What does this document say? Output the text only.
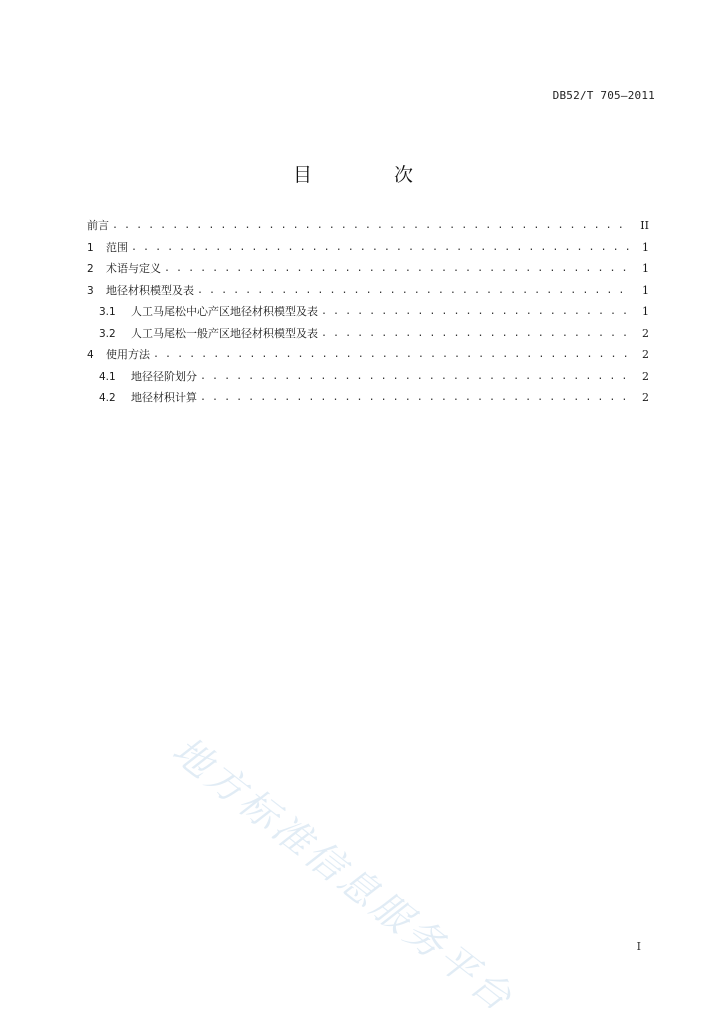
DB52/T 705—2011
目 次
前言 . . .	II
1	范围 . . .	1
2	术语与定义 . . .	1
3	地径材积模型及表 . . .	1
3.1	人工马尾松中心产区地径材积模型及表 . . .	1
3.2	人工马尾松一般产区地径材积模型及表 . . .	2
4	使用方法 . . .	2
4.1	地径径阶划分 . . .	2
4.2	地径材积计算 . . .	2
地方标准信息服务平台	I
